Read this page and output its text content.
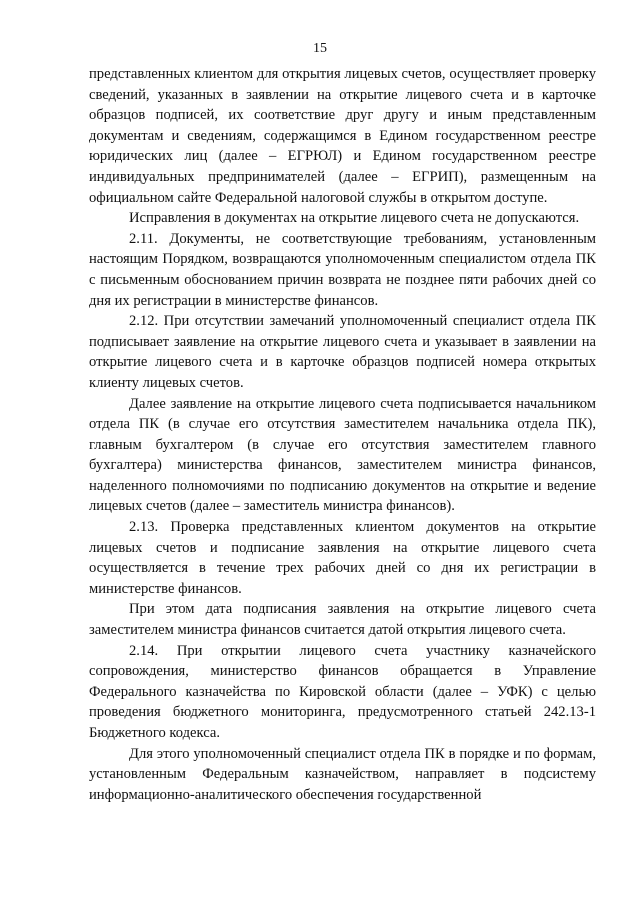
15

представленных клиентом для открытия лицевых счетов, осуществляет проверку сведений, указанных в заявлении на открытие лицевого счета и в карточке образцов подписей, их соответствие друг другу и иным представленным документам и сведениям, содержащимся в Едином государственном реестре юридических лиц (далее – ЕГРЮЛ) и Едином государственном реестре индивидуальных предпринимателей (далее – ЕГРИП), размещенным на официальном сайте Федеральной налоговой службы в открытом доступе.

Исправления в документах на открытие лицевого счета не допускаются.

2.11. Документы, не соответствующие требованиям, установленным настоящим Порядком, возвращаются уполномоченным специалистом отдела ПК с письменным обоснованием причин возврата не позднее пяти рабочих дней со дня их регистрации в министерстве финансов.

2.12. При отсутствии замечаний уполномоченный специалист отдела ПК подписывает заявление на открытие лицевого счета и указывает в заявлении на открытие лицевого счета и в карточке образцов подписей номера открытых клиенту лицевых счетов.

Далее заявление на открытие лицевого счета подписывается начальником отдела ПК (в случае его отсутствия заместителем начальника отдела ПК), главным бухгалтером (в случае его отсутствия заместителем главного бухгалтера) министерства финансов, заместителем министра финансов, наделенного полномочиями по подписанию документов на открытие и ведение лицевых счетов (далее – заместитель министра финансов).

2.13. Проверка представленных клиентом документов на открытие лицевых счетов и подписание заявления на открытие лицевого счета осуществляется в течение трех рабочих дней со дня их регистрации в министерстве финансов.

При этом дата подписания заявления на открытие лицевого счета заместителем министра финансов считается датой открытия лицевого счета.

2.14. При открытии лицевого счета участнику казначейского сопровождения, министерство финансов обращается в Управление Федерального казначейства по Кировской области (далее – УФК) с целью проведения бюджетного мониторинга, предусмотренного статьей 242.13-1 Бюджетного кодекса.

Для этого уполномоченный специалист отдела ПК в порядке и по формам, установленным Федеральным казначейством, направляет в подсистему информационно-аналитического обеспечения государственной
